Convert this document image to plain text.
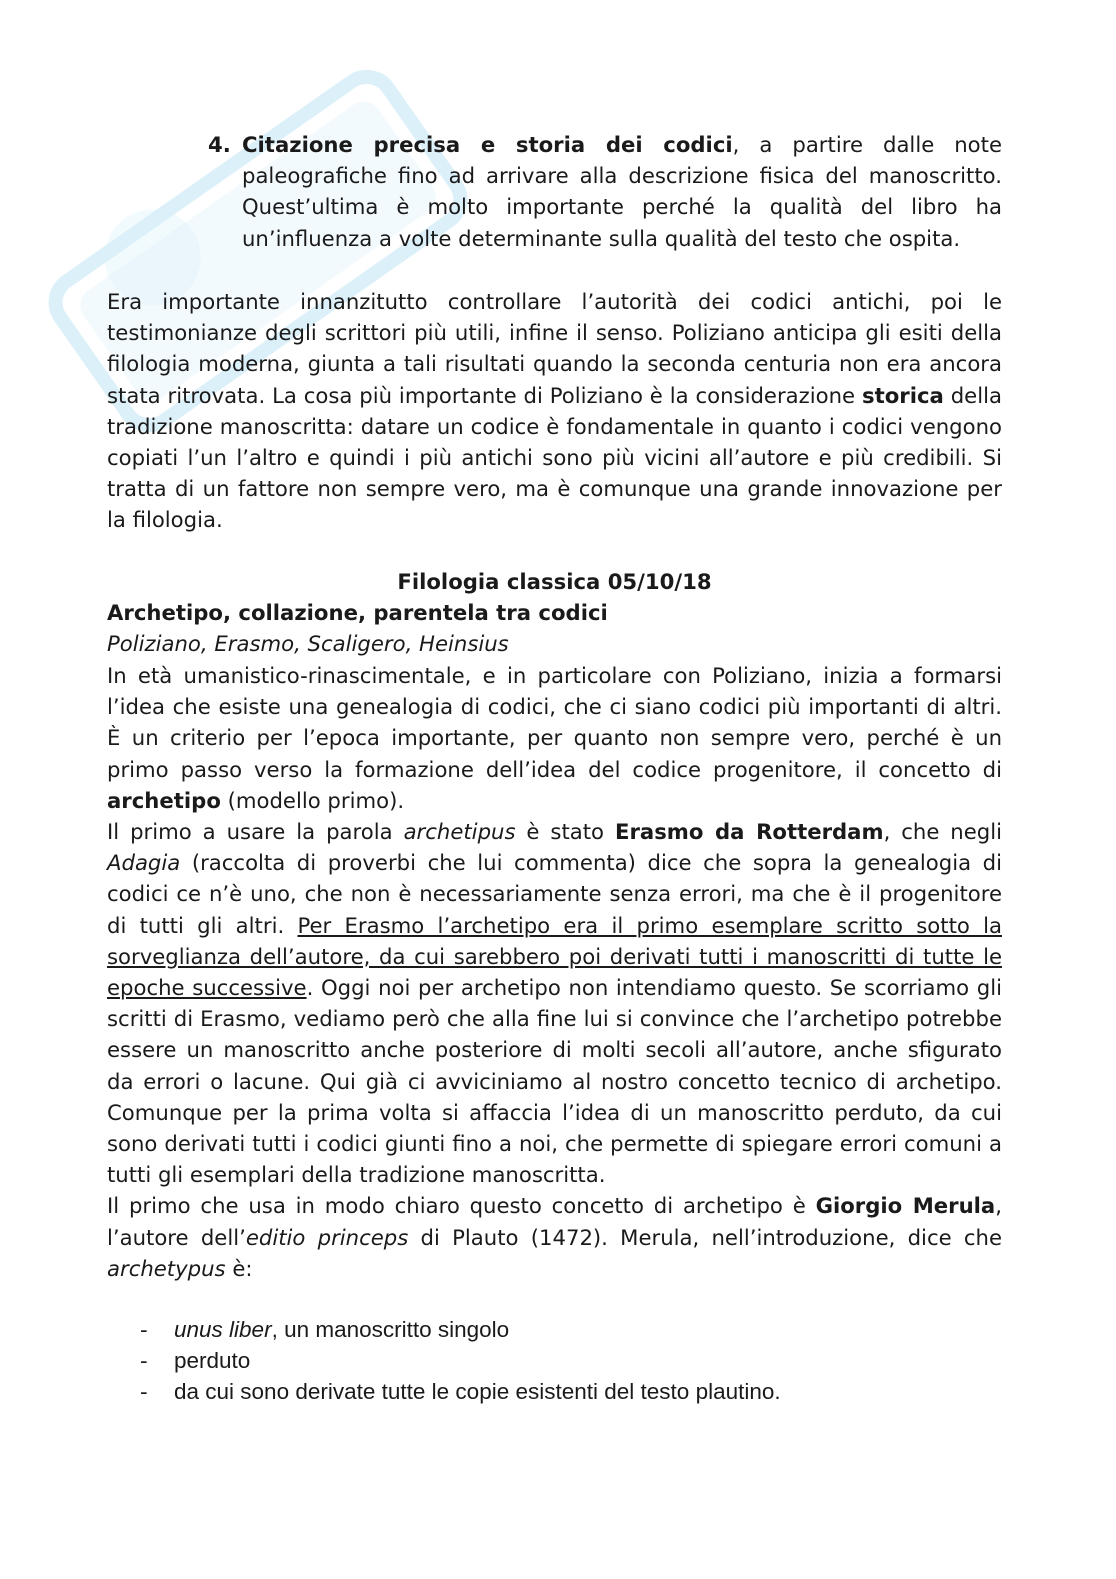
4. Citazione precisa e storia dei codici, a partire dalle note paleografiche fino ad arrivare alla descrizione fisica del manoscritto. Quest’ultima è molto importante perché la qualità del libro ha un’influenza a volte determinante sulla qualità del testo che ospita.
Era importante innanzitutto controllare l’autorità dei codici antichi, poi le testimonianze degli scrittori più utili, infine il senso. Poliziano anticipa gli esiti della filologia moderna, giunta a tali risultati quando la seconda centuria non era ancora stata ritrovata. La cosa più importante di Poliziano è la considerazione storica della tradizione manoscritta: datare un codice è fondamentale in quanto i codici vengono copiati l’un l’altro e quindi i più antichi sono più vicini all’autore e più credibili. Si tratta di un fattore non sempre vero, ma è comunque una grande innovazione per la filologia.
Filologia classica 05/10/18
Archetipo, collazione, parentela tra codici
Poliziano, Erasmo, Scaligero, Heinsius

In età umanistico-rinascimentale, e in particolare con Poliziano, inizia a formarsi l’idea che esiste una genealogia di codici, che ci siano codici più importanti di altri. È un criterio per l’epoca importante, per quanto non sempre vero, perché è un primo passo verso la formazione dell’idea del codice progenitore, il concetto di archetipo (modello primo).

Il primo a usare la parola archetipus è stato Erasmo da Rotterdam, che negli Adagia (raccolta di proverbi che lui commenta) dice che sopra la genealogia di codici ce n’è uno, che non è necessariamente senza errori, ma che è il progenitore di tutti gli altri. Per Erasmo l’archetipo era il primo esemplare scritto sotto la sorveglianza dell’autore, da cui sarebbero poi derivati tutti i manoscritti di tutte le epoche successive. Oggi noi per archetipo non intendiamo questo. Se scorriamo gli scritti di Erasmo, vediamo però che alla fine lui si convince che l’archetipo potrebbe essere un manoscritto anche posteriore di molti secoli all’autore, anche sfigurato da errori o lacune. Qui già ci avviciniamo al nostro concetto tecnico di archetipo. Comunque per la prima volta si affaccia l’idea di un manoscritto perduto, da cui sono derivati tutti i codici giunti fino a noi, che permette di spiegare errori comuni a tutti gli esemplari della tradizione manoscritta.

Il primo che usa in modo chiaro questo concetto di archetipo è Giorgio Merula, l’autore dell’editio princeps di Plauto (1472). Merula, nell’introduzione, dice che archetypus è:

- unus liber, un manoscritto singolo
- perduto
- da cui sono derivate tutte le copie esistenti del testo plautino.
